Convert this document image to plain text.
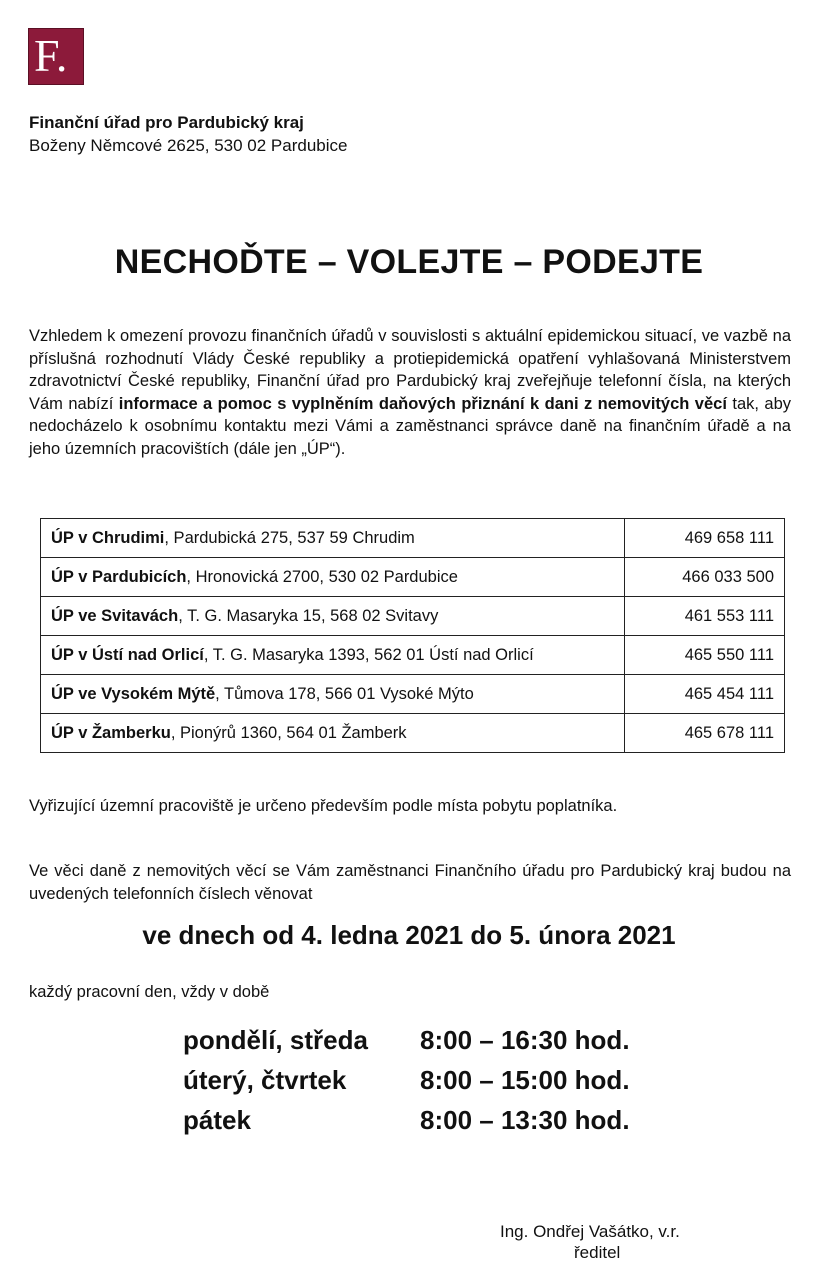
F.
Finanční úřad pro Pardubický kraj
Boženy Němcové 2625, 530 02 Pardubice
NECHOĎTE – VOLEJTE – PODEJTE

Vzhledem k omezení provozu finančních úřadů v souvislosti s aktuální epidemickou situací, ve vazbě na příslušná rozhodnutí Vlády České republiky a protiepidemická opatření vyhlašovaná Ministerstvem zdravotnictví České republiky, Finanční úřad pro Pardubický kraj zveřejňuje telefonní čísla, na kterých Vám nabízí informace a pomoc s vyplněním daňových přiznání k dani z nemovitých věcí tak, aby nedocházelo k osobnímu kontaktu mezi Vámi a zaměstnanci správce daně na finančním úřadě a na jeho územních pracovištích (dále jen „ÚP“).

ÚP v Chrudimi, Pardubická 275, 537 59 Chrudim	469 658 111
ÚP v Pardubicích, Hronovická 2700, 530 02 Pardubice	466 033 500
ÚP ve Svitavách, T. G. Masaryka 15, 568 02 Svitavy	461 553 111
ÚP v Ústí nad Orlicí, T. G. Masaryka 1393, 562 01 Ústí nad Orlicí	465 550 111
ÚP ve Vysokém Mýtě, Tůmova 178, 566 01 Vysoké Mýto	465 454 111
ÚP v Žamberku, Pionýrů 1360, 564 01 Žamberk	465 678 111
Vyřizující územní pracoviště je určeno především podle místa pobytu poplatníka.

Ve věci daně z nemovitých věcí se Vám zaměstnanci Finančního úřadu pro Pardubický kraj budou na uvedených telefonních číslech věnovat

ve dnech od 4. ledna 2021 do 5. února 2021
každý pracovní den, vždy v době
pondělí, středa 8:00 – 16:30 hod.
úterý, čtvrtek	8:00 – 15:00 hod.
pátek	8:00 – 13:30 hod.
Ing. Ondřej Vašátko, v.r.
ředitel
